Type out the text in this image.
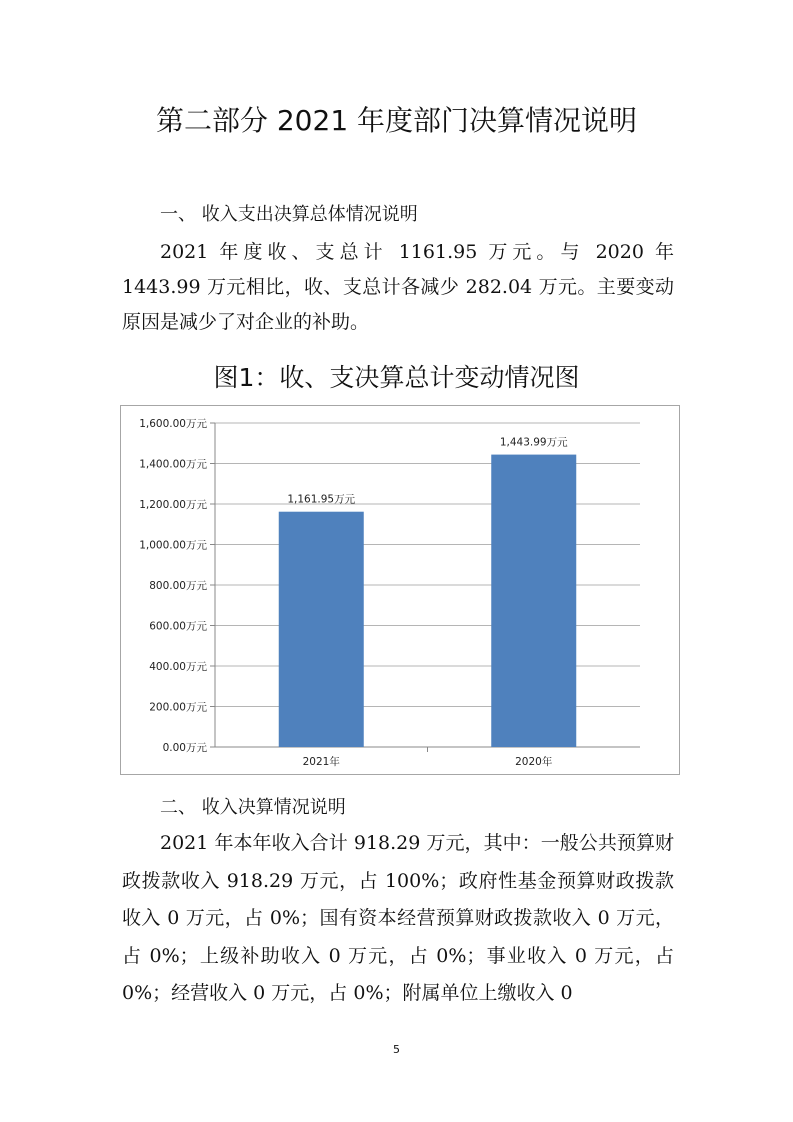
第二部分 2021 年度部门决算情况说明
一、 收入支出决算总体情况说明
2021 年度收、支总计 1161.95 万元。与 2020 年 1443.99 万元相比，收、支总计各减少 282.04 万元。主要变动原因是减少了对企业的补助。
图1：收、支决算总计变动情况图
0.00万元
200.00万元
400.00万元
600.00万元
800.00万元
1,000.00万元
1,200.00万元
1,400.00万元
1,600.00万元
1,161.95万元
2021年
1,443.99万元
2020年
二、 收入决算情况说明
2021 年本年收入合计 918.29 万元，其中：一般公共预算财政拨款收入 918.29 万元，占 100%；政府性基金预算财政拨款收入 0 万元，占 0%；国有资本经营预算财政拨款收入 0 万元，占 0%；上级补助收入 0 万元，占 0%；事业收入 0 万元，占 0%；经营收入 0 万元，占 0%；附属单位上缴收入 0
5
